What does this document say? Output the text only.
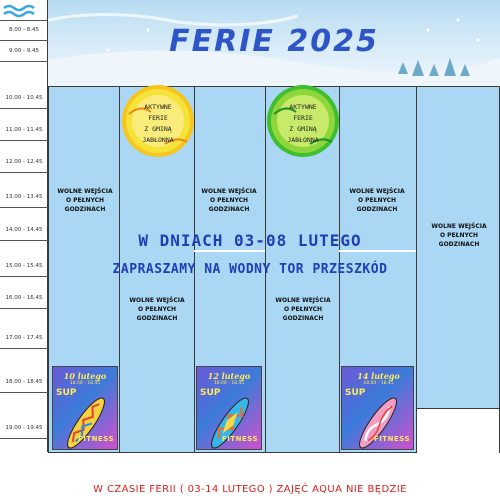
8.00 - 8.45
9.00 - 9.45
10.00 - 10.45
11.00 - 11.45
12.00 - 12.45
13.00 - 13.45
14.00 - 14.45
15.00 - 15.45
16.00 - 16.45
17.00 - 17.45
18.00 - 18.45
19.00 - 19.45
FERIE 2025
AKTYWNE
FERIE
Z GMINĄ
JABŁONNA
AKTYWNE
FERIE
Z GMINĄ
JABŁONNA
WOLNE WEJŚCIA
O PEŁNYCH
GODZINACH
WOLNE WEJŚCIA
O PEŁNYCH
GODZINACH
WOLNE WEJŚCIA
O PEŁNYCH
GODZINACH
WOLNE WEJŚCIA
O PEŁNYCH
GODZINACH
WOLNE WEJŚCIA
O PEŁNYCH
GODZINACH
WOLNE WEJŚCIA
O PEŁNYCH
GODZINACH
10 lutego
18.00 - 18.45
SUP
FITNESS
12 lutego
18.00 - 18.45
SUP
FITNESS
14 lutego
18.00 - 18.45
SUP
FITNESS
W DNIACH 03-08 LUTEGO
ZAPRASZAMY NA WODNY TOR PRZESZKÓD
W CZASIE FERII ( 03-14 LUTEGO ) ZAJĘĆ AQUA NIE BĘDZIE
